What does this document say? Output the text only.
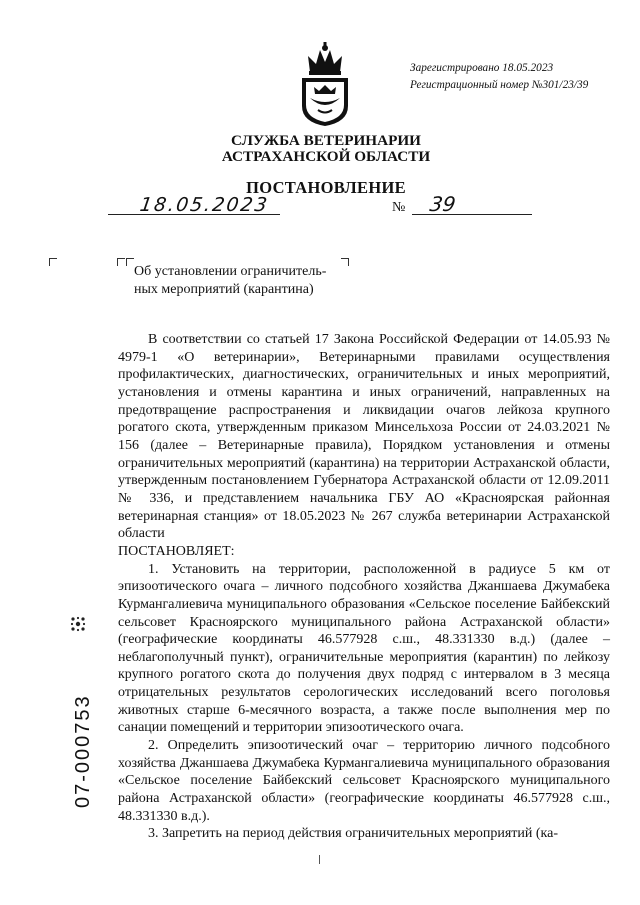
Зарегистрировано 18.05.2023
Регистрационный номер №301/23/39
СЛУЖБА ВЕТЕРИНАРИИ
АСТРАХАНСКОЙ ОБЛАСТИ
ПОСТАНОВЛЕНИЕ
18.05.2023	№ 39

Об установлении ограничитель-

ных мероприятий (карантина)

В соответствии со статьей 17 Закона Российской Федерации от 14.05.93 № 4979-1 «О ветеринарии», Ветеринарными правилами осуществления профилактических, диагностических, ограничительных и иных мероприятий, установления и отмены карантина и иных ограничений, направленных на предотвращение распространения и ликвидации очагов лейкоза крупного рогатого скота, утвержденным приказом Минсельхоза России от 24.03.2021 № 156 (далее – Ветеринарные правила), Порядком установления и отмены ограничительных мероприятий (карантина) на территории Астраханской области, утвержденным постановлением Губернатора Астраханской области от 12.09.2011 № 336, и представлением начальника ГБУ АО «Красноярская районная ветеринарная станция» от 18.05.2023 № 267 служба ветеринарии Астраханской области

ПОСТАНОВЛЯЕТ:

1. Установить на территории, расположенной в радиусе 5 км от эпизоотического очага – личного подсобного хозяйства Джаншаева Джумабека Курмангалиевича муниципального образования «Сельское поселение Байбекский сельсовет Красноярского муниципального района Астраханской области» (географические координаты 46.577928 с.ш., 48.331330 в.д.) (далее – неблагополучный пункт), ограничительные мероприятия (карантин) по лейкозу крупного рогатого скота до получения двух подряд с интервалом в 3 месяца отрицательных результатов серологических исследований всего поголовья животных старше 6-месячного возраста, а также после выполнения мер по санации помещений и территории эпизоотического очага.

2. Определить эпизоотический очаг – территорию личного подсобного хозяйства Джаншаева Джумабека Курмангалиевича муниципального образования «Сельское поселение Байбекский сельсовет Красноярского муниципального района Астраханской области» (географические координаты 46.577928 с.ш., 48.331330 в.д.).

3. Запретить на период действия ограничительных мероприятий (ка-

07-000753
